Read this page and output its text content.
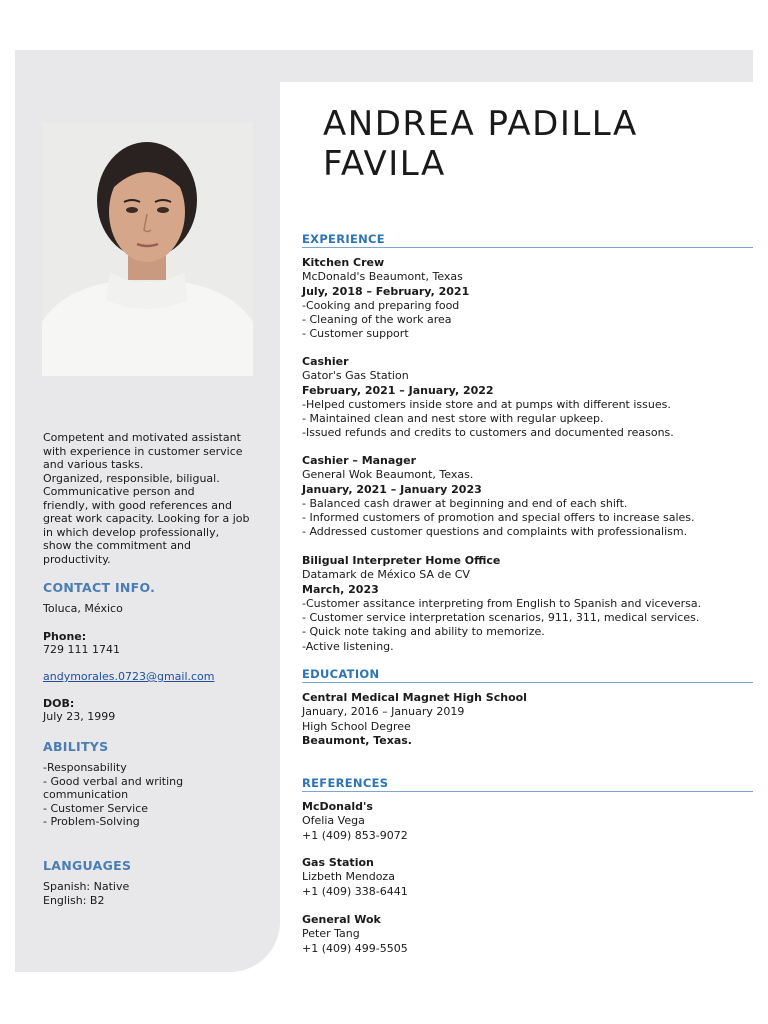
Competent and motivated assistant
with experience in customer service
and various tasks.
Organized, responsible, biligual.
Communicative person and
friendly, with good references and
great work capacity. Looking for a job
in which develop professionally,
show the commitment and
productivity.
CONTACT INFO.
Toluca, México
Phone:
729 111 1741
andymorales.0723@gmail.com
DOB:
July 23, 1999
ABILITYS
-Responsability
- Good verbal and writing
communication
- Customer Service
- Problem-Solving
LANGUAGES
Spanish: Native
English: B2
ANDREA PADILLA
FAVILA
EXPERIENCE
Kitchen Crew
McDonald's Beaumont, Texas
July, 2018 – February, 2021
-Cooking and preparing food
- Cleaning of the work area
- Customer support
Cashier
Gator's Gas Station
February, 2021 – January, 2022
-Helped customers inside store and at pumps with different issues.
- Maintained clean and nest store with regular upkeep.
-Issued refunds and credits to customers and documented reasons.
Cashier – Manager
General Wok Beaumont, Texas.
January, 2021 – January 2023
- Balanced cash drawer at beginning and end of each shift.
- Informed customers of promotion and special offers to increase sales.
- Addressed customer questions and complaints with professionalism.
Biligual Interpreter Home Office
Datamark de México SA de CV
March, 2023
-Customer assitance interpreting from English to Spanish and viceversa.
- Customer service interpretation scenarios, 911, 311, medical services.
- Quick note taking and ability to memorize.
-Active listening.
EDUCATION
Central Medical Magnet High School
January, 2016 – January 2019
High School Degree
Beaumont, Texas.
REFERENCES
McDonald's
Ofelia Vega
+1 (409) 853-9072
Gas Station
Lizbeth Mendoza
+1 (409) 338-6441
General Wok
Peter Tang
+1 (409) 499-5505
